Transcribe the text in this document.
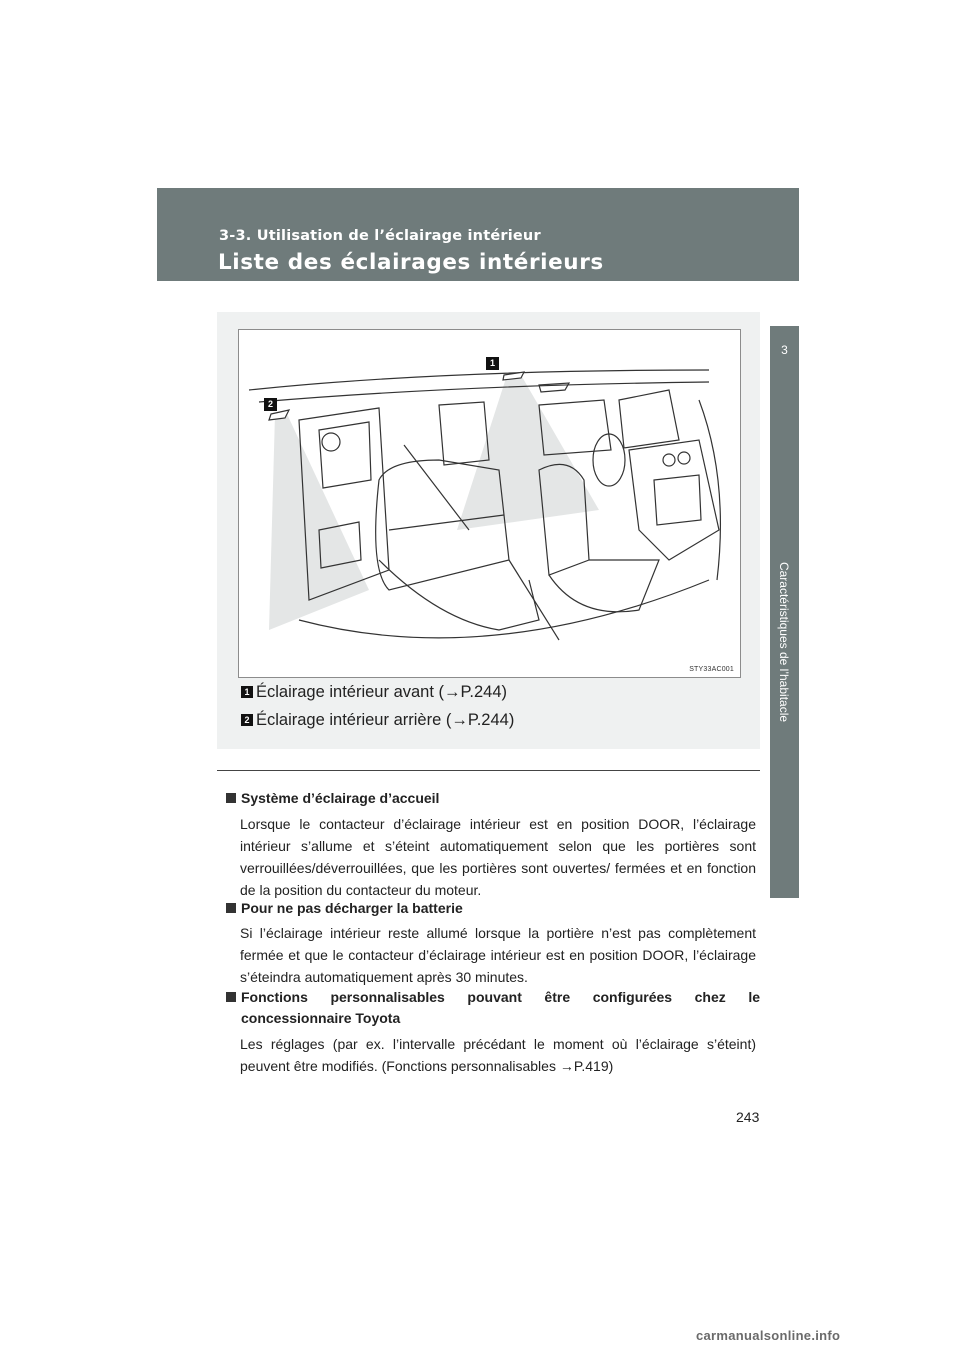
3-3. Utilisation de l’éclairage intérieur
Liste des éclairages intérieurs
3
Caractéristiques de l’habitacle
1
2
STY33AC001
1 Éclairage intérieur avant (→P.244)
2 Éclairage intérieur arrière (→P.244)
Système d’éclairage d’accueil
Lorsque le contacteur d’éclairage intérieur est en position DOOR, l’éclairage intérieur s’allume et s’éteint automatiquement selon que les portières sont verrouillées/déverrouillées, que les portières sont ouvertes/ fermées et en fonction de la position du contacteur du moteur.
Pour ne pas décharger la batterie
Si l’éclairage intérieur reste allumé lorsque la portière n’est pas complètement fermée et que le contacteur d’éclairage intérieur est en position DOOR, l’éclairage s’éteindra automatiquement après 30 minutes.
Fonctions personnalisables pouvant être configurées chez le concessionnaire Toyota
Les réglages (par ex. l’intervalle précédant le moment où l’éclairage s’éteint) peuvent être modifiés. (Fonctions personnalisables →P.419)
243
carmanualsonline.info
